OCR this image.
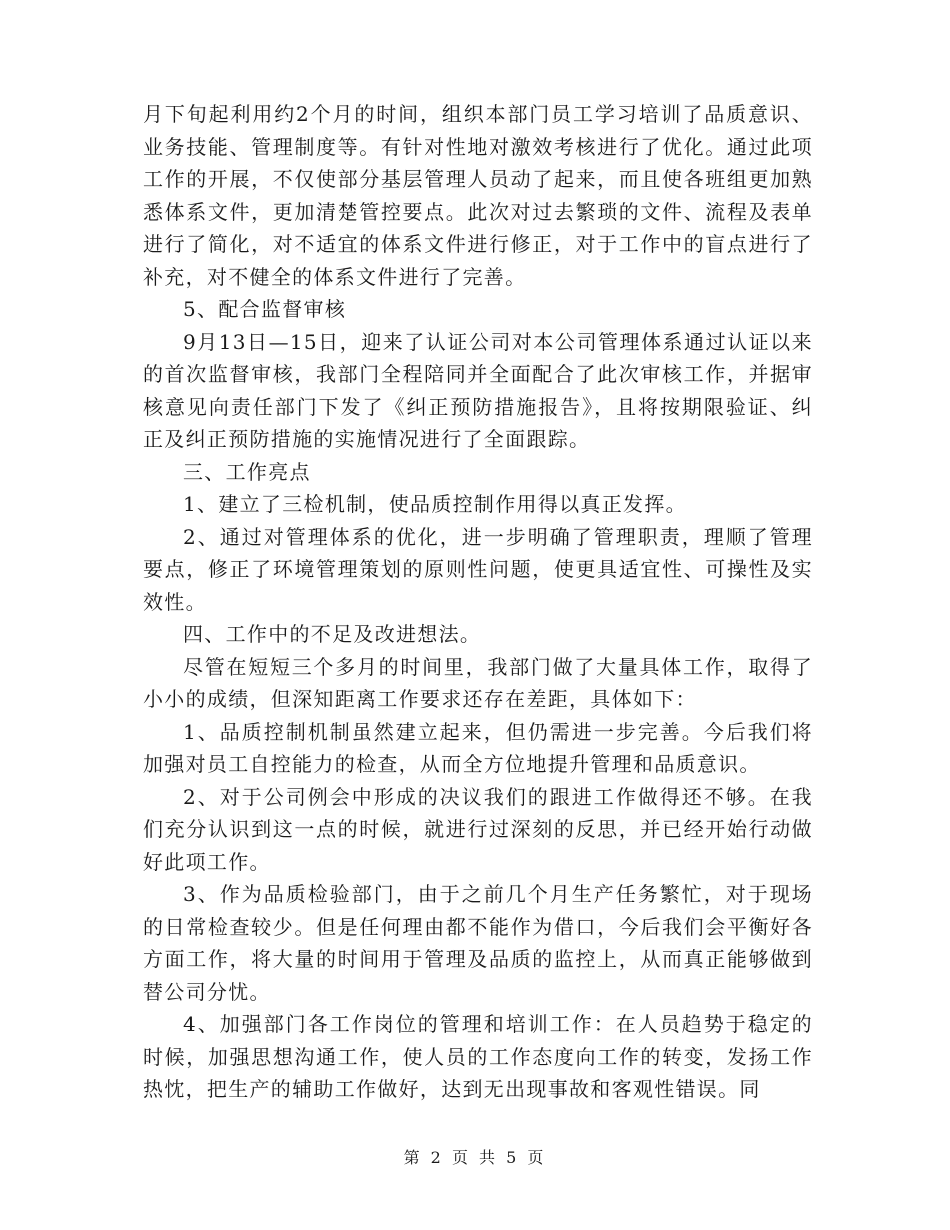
月下旬起利用约2个月的时间，组织本部门员工学习培训了品质意识、业务技能、管理制度等。有针对性地对激效考核进行了优化。通过此项工作的开展，不仅使部分基层管理人员动了起来，而且使各班组更加熟悉体系文件，更加清楚管控要点。此次对过去繁琐的文件、流程及表单进行了简化，对不适宜的体系文件进行修正，对于工作中的盲点进行了补充，对不健全的体系文件进行了完善。

5、配合监督审核

9月13日—15日，迎来了认证公司对本公司管理体系通过认证以来的首次监督审核，我部门全程陪同并全面配合了此次审核工作，并据审核意见向责任部门下发了《纠正预防措施报告》，且将按期限验证、纠正及纠正预防措施的实施情况进行了全面跟踪。

三、工作亮点

1、建立了三检机制，使品质控制作用得以真正发挥。

2、通过对管理体系的优化，进一步明确了管理职责，理顺了管理要点，修正了环境管理策划的原则性问题，使更具适宜性、可操性及实效性。

四、工作中的不足及改进想法。

尽管在短短三个多月的时间里，我部门做了大量具体工作，取得了小小的成绩，但深知距离工作要求还存在差距，具体如下：

1、品质控制机制虽然建立起来，但仍需进一步完善。今后我们将加强对员工自控能力的检查，从而全方位地提升管理和品质意识。

2、对于公司例会中形成的决议我们的跟进工作做得还不够。在我们充分认识到这一点的时候，就进行过深刻的反思，并已经开始行动做好此项工作。

3、作为品质检验部门，由于之前几个月生产任务繁忙，对于现场的日常检查较少。但是任何理由都不能作为借口，今后我们会平衡好各方面工作，将大量的时间用于管理及品质的监控上，从而真正能够做到替公司分忧。

4、加强部门各工作岗位的管理和培训工作：在人员趋势于稳定的时候，加强思想沟通工作，使人员的工作态度向工作的转变，发扬工作热忱，把生产的辅助工作做好，达到无出现事故和客观性错误。同

第 2 页 共 5 页
